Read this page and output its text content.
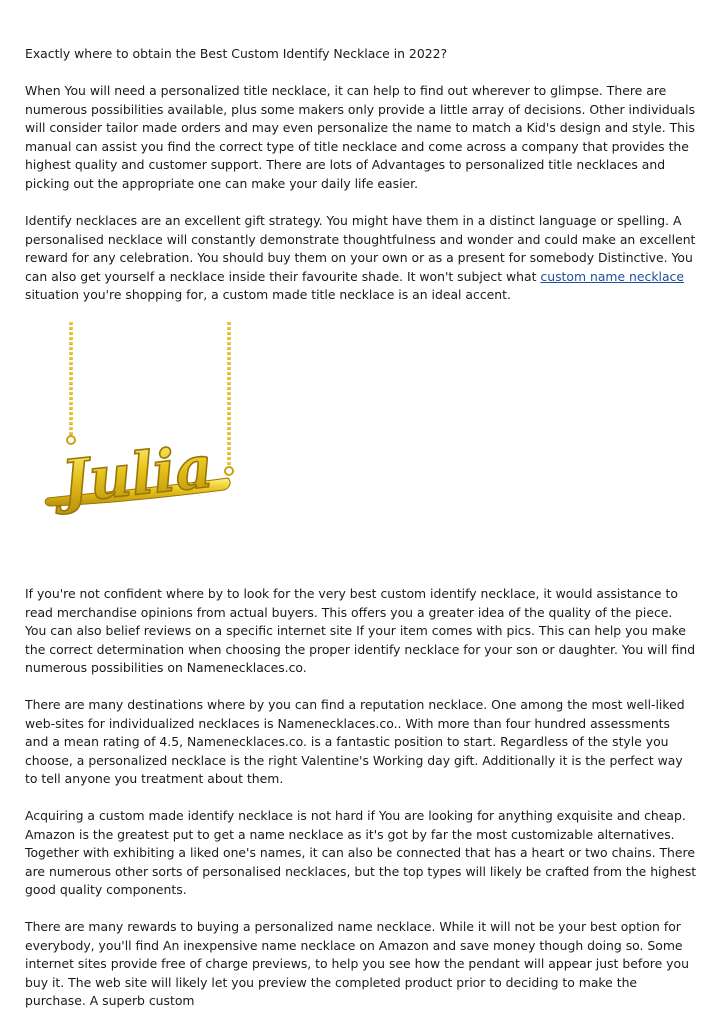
Exactly where to obtain the Best Custom Identify Necklace in 2022?

When You will need a personalized title necklace, it can help to find out wherever to glimpse. There are numerous possibilities available, plus some makers only provide a little array of decisions. Other individuals will consider tailor made orders and may even personalize the name to match a Kid's design and style. This manual can assist you find the correct type of title necklace and come across a company that provides the highest quality and customer support. There are lots of Advantages to personalized title necklaces and picking out the appropriate one can make your daily life easier.

Identify necklaces are an excellent gift strategy. You might have them in a distinct language or spelling. A personalised necklace will constantly demonstrate thoughtfulness and wonder and could make an excellent reward for any celebration. You should buy them on your own or as a present for somebody Distinctive. You can also get yourself a necklace inside their favourite shade. It won't subject what custom name necklace situation you're shopping for, a custom made title necklace is an ideal accent.

Julia

If you're not confident where by to look for the very best custom identify necklace, it would assistance to read merchandise opinions from actual buyers. This offers you a greater idea of the quality of the piece. You can also belief reviews on a specific internet site If your item comes with pics. This can help you make the correct determination when choosing the proper identify necklace for your son or daughter. You will find numerous possibilities on Namenecklaces.co.

There are many destinations where by you can find a reputation necklace. One among the most well-liked web-sites for individualized necklaces is Namenecklaces.co.. With more than four hundred assessments and a mean rating of 4.5, Namenecklaces.co. is a fantastic position to start. Regardless of the style you choose, a personalized necklace is the right Valentine's Working day gift. Additionally it is the perfect way to tell anyone you treatment about them.

Acquiring a custom made identify necklace is not hard if You are looking for anything exquisite and cheap. Amazon is the greatest put to get a name necklace as it's got by far the most customizable alternatives. Together with exhibiting a liked one's names, it can also be connected that has a heart or two chains. There are numerous other sorts of personalised necklaces, but the top types will likely be crafted from the highest good quality components.

There are many rewards to buying a personalized name necklace. While it will not be your best option for everybody, you'll find An inexpensive name necklace on Amazon and save money though doing so. Some internet sites provide free of charge previews, to help you see how the pendant will appear just before you buy it. The web site will likely let you preview the completed product prior to deciding to make the purchase. A superb custom
